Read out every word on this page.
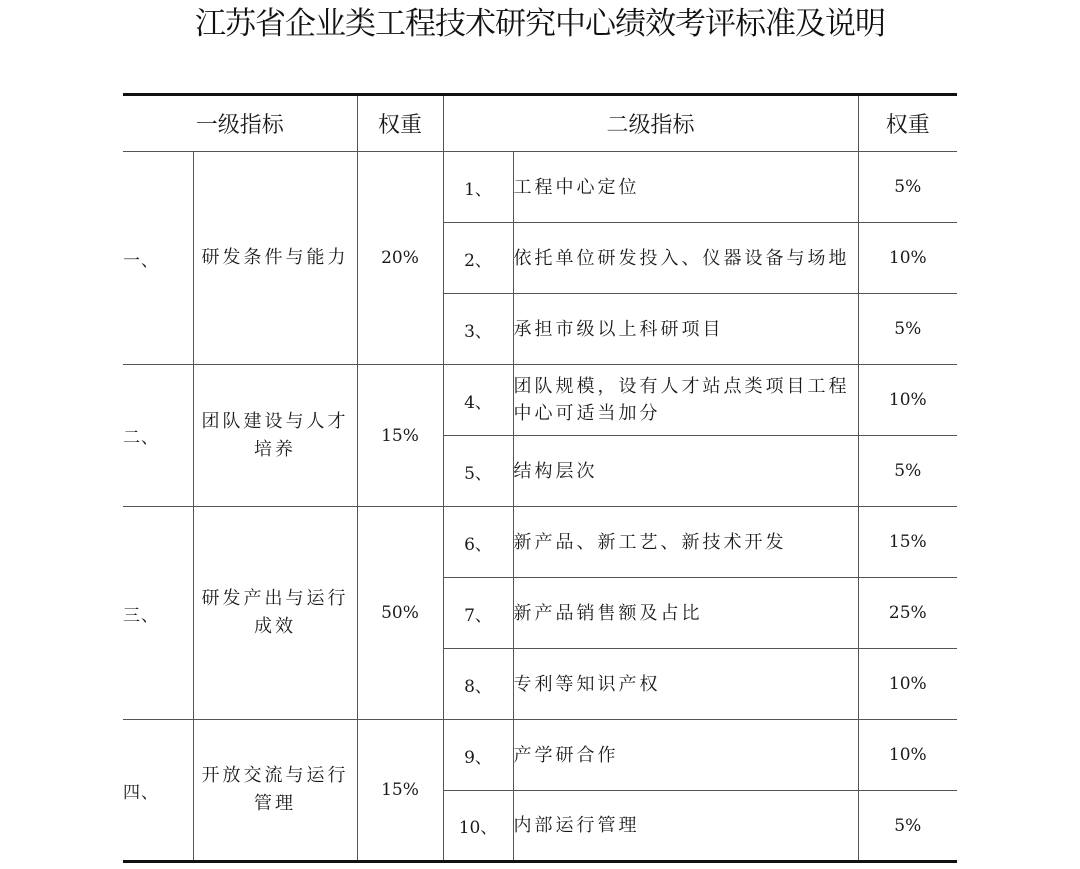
江苏省企业类工程技术研究中心绩效考评标准及说明
一级指标		权重	二级指标		权重
一、	研发条件与能力	20%	1、	工程中心定位	5%
			2、	依托单位研发投入、仪器设备与场地	10%
			3、	承担市级以上科研项目	5%
二、	团队建设与人才培养	15%	4、	团队规模，设有人才站点类项目工程中心可适当加分	10%
			5、	结构层次	5%
三、	研发产出与运行成效	50%	6、	新产品、新工艺、新技术开发	15%
			7、	新产品销售额及占比	25%
			8、	专利等知识产权	10%
四、	开放交流与运行管理	15%	9、	产学研合作	10%
			10、	内部运行管理	5%
